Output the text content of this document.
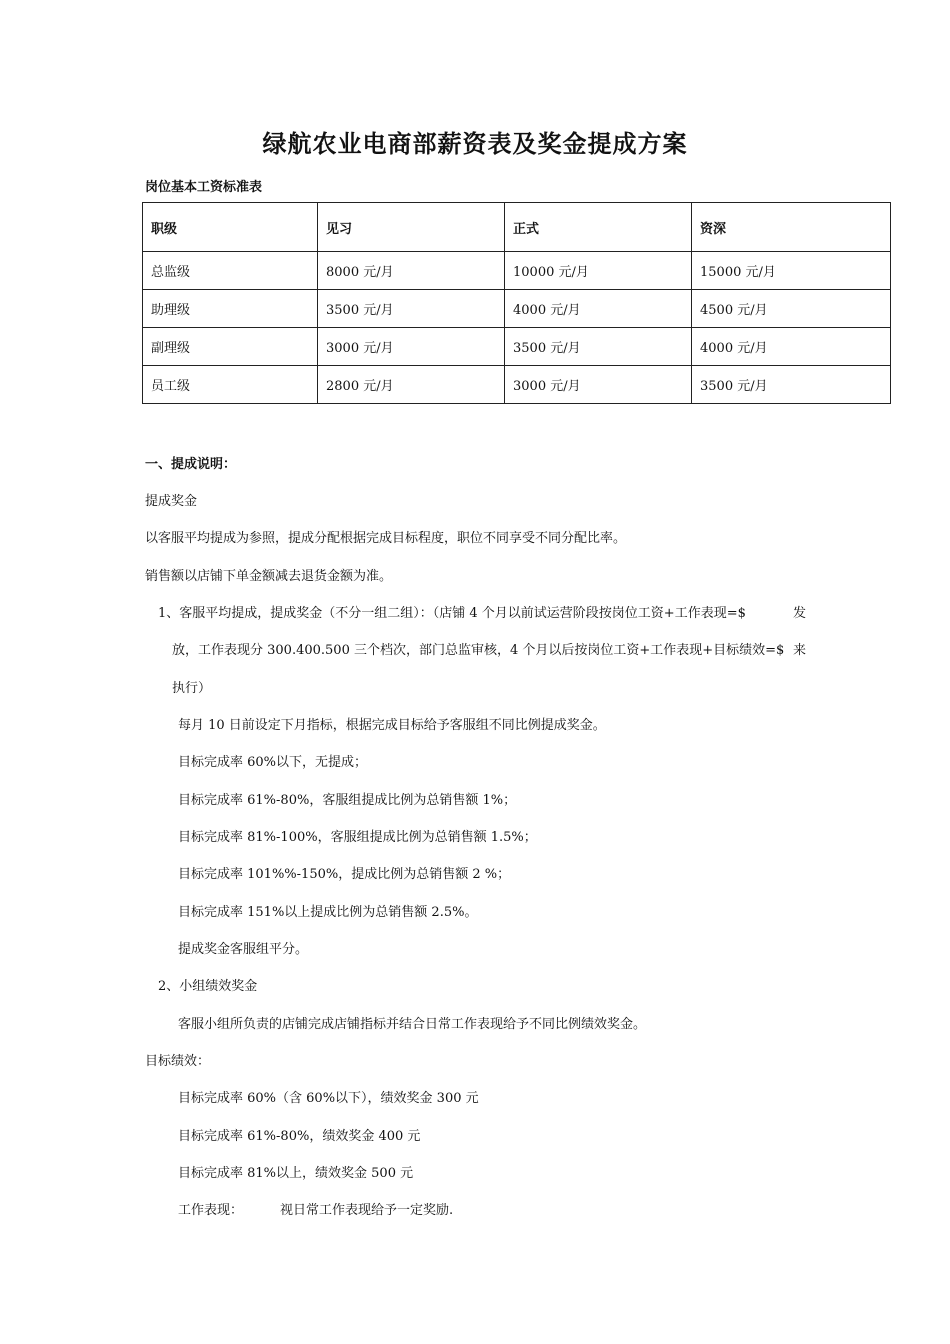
绿航农业电商部薪资表及奖金提成方案
岗位基本工资标准表
职级	见习	正式	资深
总监级	8000 元/月	10000 元/月	15000 元/月
助理级	3500 元/月	4000 元/月	4500 元/月
副理级	3000 元/月	3500 元/月	4000 元/月
员工级	2800 元/月	3000 元/月	3500 元/月
一、提成说明：
提成奖金
以客服平均提成为参照，提成分配根据完成目标程度，职位不同享受不同分配比率。
销售额以店铺下单金额减去退货金额为准。
1、客服平均提成，提成奖金（不分一组二组）：（店铺 4 个月以前试运营阶段按岗位工资+工作表现=$	发
放，工作表现分 300.400.500 三个档次，部门总监审核，4 个月以后按岗位工资+工作表现+目标绩效=$ 来
执行）
每月 10 日前设定下月指标，根据完成目标给予客服组不同比例提成奖金。
目标完成率 60%以下，无提成；
目标完成率 61%-80%，客服组提成比例为总销售额 1%；
目标完成率 81%-100%，客服组提成比例为总销售额 1.5%；
目标完成率 101%%-150%，提成比例为总销售额 2 %；
目标完成率 151%以上提成比例为总销售额 2.5%。
提成奖金客服组平分。
2、小组绩效奖金
客服小组所负责的店铺完成店铺指标并结合日常工作表现给予不同比例绩效奖金。
目标绩效：
目标完成率 60%（含 60%以下），绩效奖金 300 元
目标完成率 61%-80%，绩效奖金 400 元
目标完成率 81%以上，绩效奖金 500 元
工作表现：	视日常工作表现给予一定奖励.
